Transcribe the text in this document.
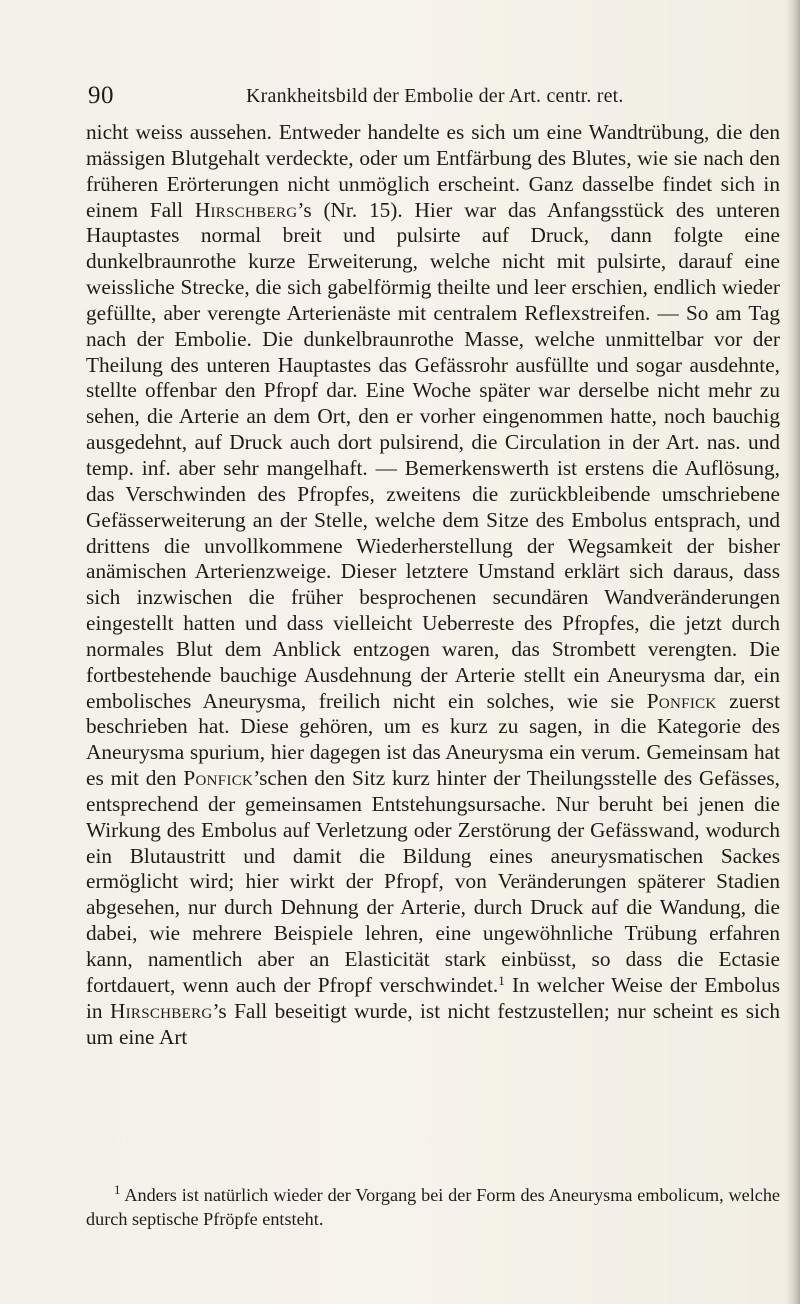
90	Krankheitsbild der Embolie der Art. centr. ret.

nicht weiss aussehen. Entweder handelte es sich um eine Wandtrübung, die den mässigen Blutgehalt verdeckte, oder um Entfärbung des Blutes, wie sie nach den früheren Erörterungen nicht unmöglich erscheint. Ganz dasselbe findet sich in einem Fall Hirschberg’s (Nr. 15). Hier war das Anfangsstück des unteren Hauptastes normal breit und pulsirte auf Druck, dann folgte eine dunkelbraunrothe kurze Erweiterung, welche nicht mit pulsirte, darauf eine weissliche Strecke, die sich gabelförmig theilte und leer erschien, endlich wieder gefüllte, aber verengte Arterienäste mit centralem Reflexstreifen. — So am Tag nach der Embolie. Die dunkelbraunrothe Masse, welche unmittelbar vor der Theilung des unteren Hauptastes das Gefässrohr ausfüllte und sogar ausdehnte, stellte offenbar den Pfropf dar. Eine Woche später war derselbe nicht mehr zu sehen, die Arterie an dem Ort, den er vorher eingenommen hatte, noch bauchig ausgedehnt, auf Druck auch dort pulsirend, die Circulation in der Art. nas. und temp. inf. aber sehr mangelhaft. — Bemerkenswerth ist erstens die Auflösung, das Verschwinden des Pfropfes, zweitens die zurückbleibende umschriebene Gefässerweiterung an der Stelle, welche dem Sitze des Embolus entsprach, und drittens die unvollkommene Wiederherstellung der Wegsamkeit der bisher anämischen Arterienzweige. Dieser letztere Umstand erklärt sich daraus, dass sich inzwischen die früher besprochenen secundären Wandveränderungen eingestellt hatten und dass vielleicht Ueberreste des Pfropfes, die jetzt durch normales Blut dem Anblick entzogen waren, das Strombett verengten. Die fortbestehende bauchige Ausdehnung der Arterie stellt ein Aneurysma dar, ein embolisches Aneurysma, freilich nicht ein solches, wie sie Ponfick zuerst beschrieben hat. Diese gehören, um es kurz zu sagen, in die Kategorie des Aneurysma spurium, hier dagegen ist das Aneurysma ein verum. Gemeinsam hat es mit den Ponfick’schen den Sitz kurz hinter der Theilungsstelle des Gefässes, entsprechend der gemeinsamen Entstehungsursache. Nur beruht bei jenen die Wirkung des Embolus auf Verletzung oder Zerstörung der Gefässwand, wodurch ein Blutaustritt und damit die Bildung eines aneurysmatischen Sackes ermöglicht wird; hier wirkt der Pfropf, von Veränderungen späterer Stadien abgesehen, nur durch Dehnung der Arterie, durch Druck auf die Wandung, die dabei, wie mehrere Beispiele lehren, eine ungewöhnliche Trübung erfahren kann, namentlich aber an Elasticität stark einbüsst, so dass die Ectasie fortdauert, wenn auch der Pfropf verschwindet.$^1$ In welcher Weise der Embolus in Hirschberg’s Fall beseitigt wurde, ist nicht festzustellen; nur scheint es sich um eine Art

$^1$ Anders ist natürlich wieder der Vorgang bei der Form des Aneurysma embolicum, welche durch septische Pfröpfe entsteht.
